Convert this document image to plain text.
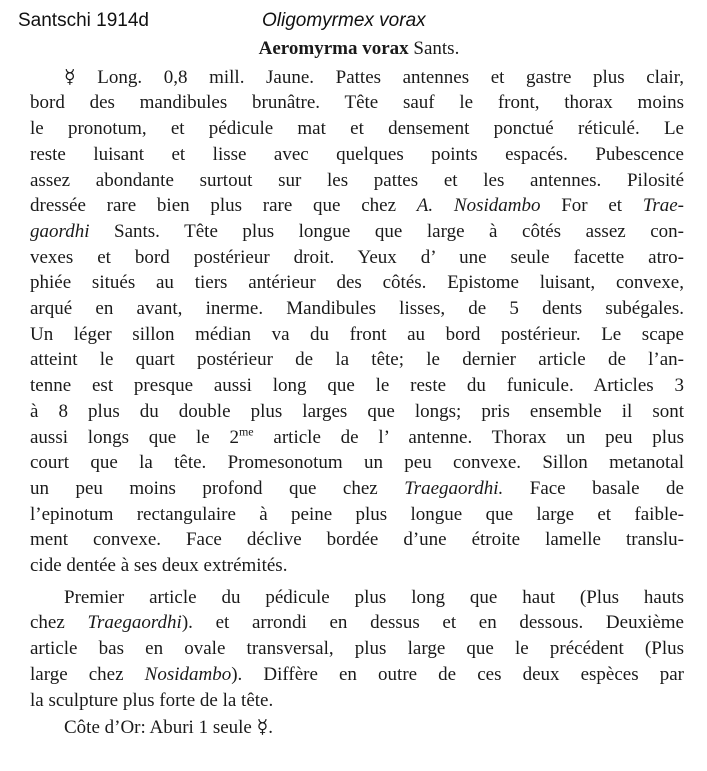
Santschi 1914d	Oligomyrmex vorax
Aeromyrma vorax Sants.
☿ Long. 0,8 mill. Jaune. Pattes antennes et gastre plus clair,
bord des mandibules brunâtre. Tête sauf le front, thorax moins
le pronotum, et pédicule mat et densement ponctué réticulé. Le
reste luisant et lisse avec quelques points espacés. Pubescence
assez abondante surtout sur les pattes et les antennes. Pilosité
dressée rare bien plus rare que chez A. Nosidambo For et Trae-
gaordhi Sants. Tête plus longue que large à côtés assez con-
vexes et bord postérieur droit. Yeux d’ une seule facette atro-
phiée situés au tiers antérieur des côtés. Epistome luisant, convexe,
arqué en avant, inerme. Mandibules lisses, de 5 dents subégales.
Un léger sillon médian va du front au bord postérieur. Le scape
atteint le quart postérieur de la tête; le dernier article de l’an-
tenne est presque aussi long que le reste du funicule. Articles 3
à 8 plus du double plus larges que longs; pris ensemble il sont
aussi longs que le $2^{me}$ article de l’ antenne. Thorax un peu plus
court que la tête. Promesonotum un peu convexe. Sillon metanotal
un peu moins profond que chez Traegaordhi. Face basale de
l’epinotum rectangulaire à peine plus longue que large et faible-
ment convexe. Face déclive bordée d’une étroite lamelle translu-
cide dentée à ses deux extrémités.
Premier article du pédicule plus long que haut (Plus hauts
chez Traegaordhi). et arrondi en dessus et en dessous. Deuxième
article bas en ovale transversal, plus large que le précédent (Plus
large chez Nosidambo). Diffère en outre de ces deux espèces par
la sculpture plus forte de la tête.
Côte d’Or: Aburi 1 seule ☿.
